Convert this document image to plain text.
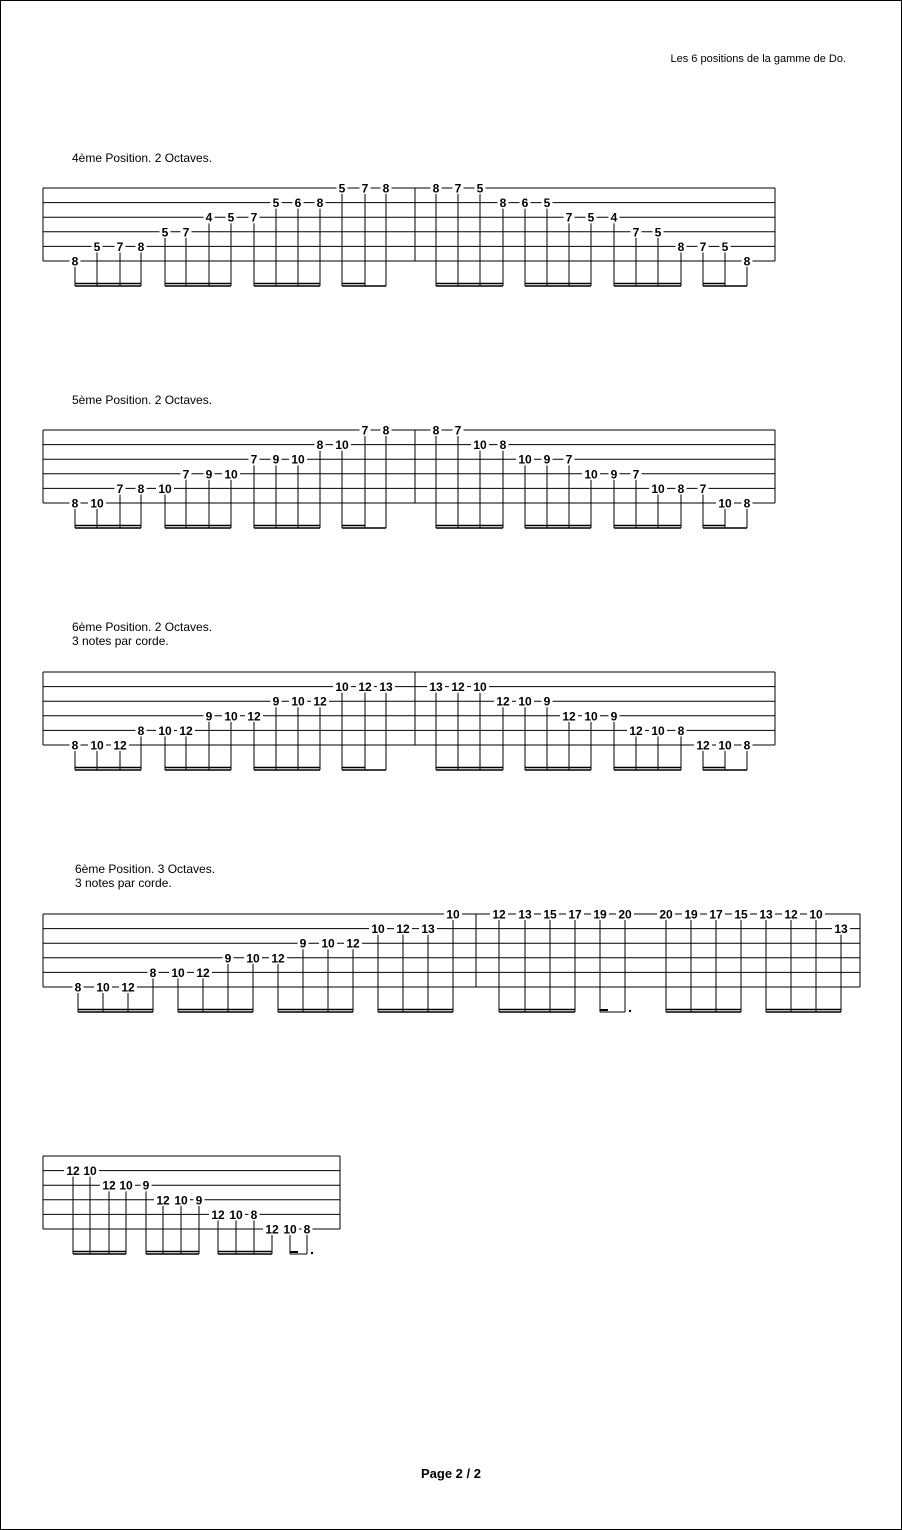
Les 6 positions de la gamme de Do.
4ème Position. 2 Octaves.
5ème Position. 2 Octaves.
6ème Position. 2 Octaves.
3 notes par corde.
6ème Position. 3 Octaves.
3 notes par corde.
8
5 7 8
5 7
4 5 7
5 6 8
5 7 8	8 7 5
8 6 5
7 5 4
7 5
8 7 5
8
8 10
7 8 10
7 9 10
7 9 10
8 10
7 8	8 7
10 8
10 9 7
10 9 7
10 8 7
10 8
8 10 12
8 10 12
9 10 12
9 10 12
10 12 13	13 12 10
12 10 9
12 10 9
12 10 8
12 10 8
8 10 12
8 10 12
9 10 12
9 10 12
10 12 13
10	12 13 15 17 19 20 20 19 17 15 13 12 10
13
12 10
12 10 9
12 10 9
12 10 8
12 10 8
Page 2 / 2
